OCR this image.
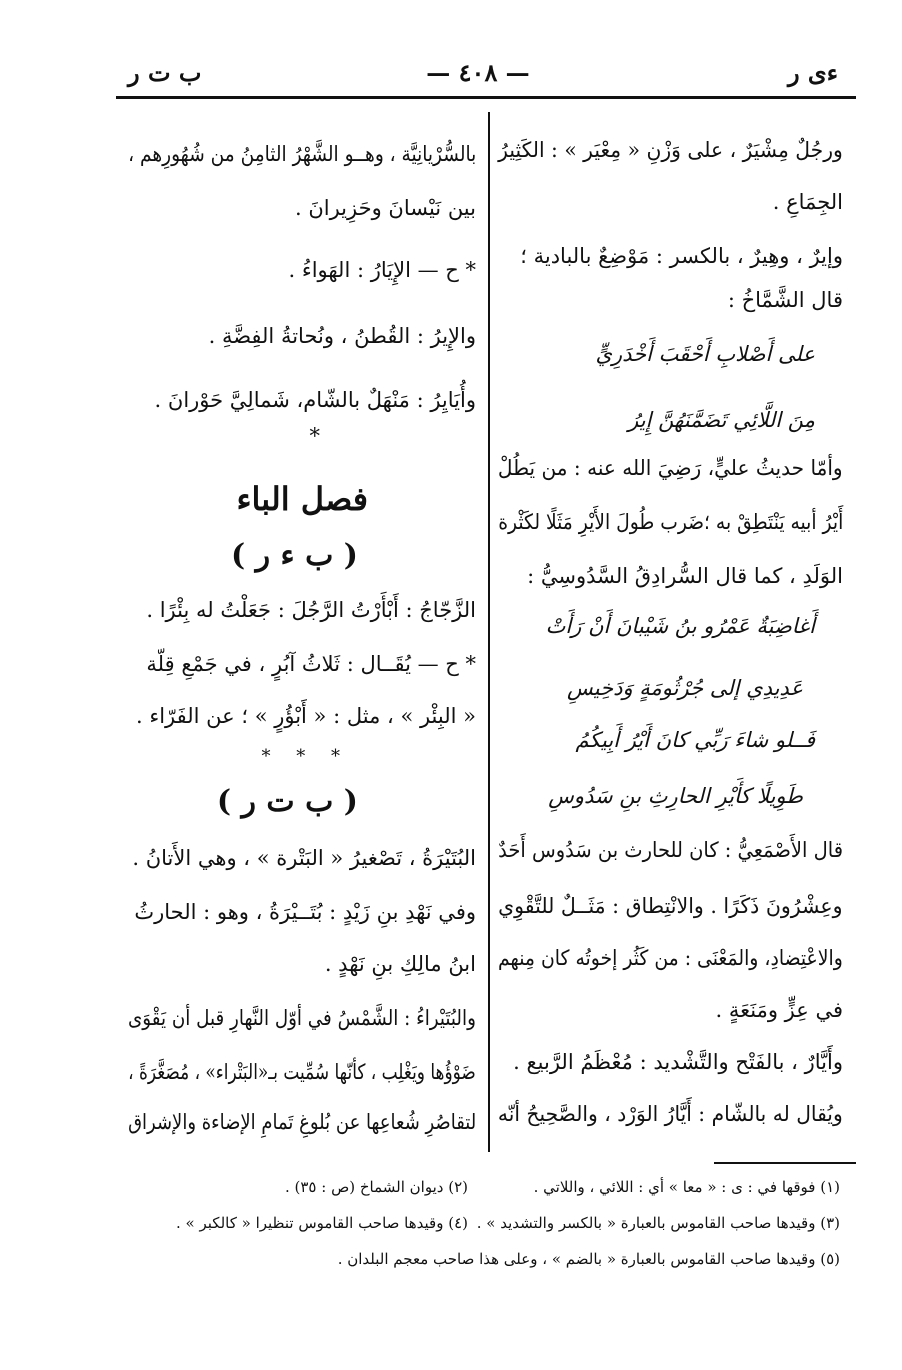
ءى ر
— ٤٠٨ —
ب ت ر
ورجُلٌ مِشْيَرٌ ، على وَزْنِ « مِعْيَر » : الكَثِيرُ
الجِمَاعِ .
وإيرٌ ، وهِيرٌ ، بالكسر : مَوْضِعٌ بالبادية ؛
قال الشَّمَّاخُ :
على أَصْلابِ أَحْقَبَ أَخْدَرِيٍّ
مِنَ اللَّائِي تَضَمَّنَهُنَّ إِيرُ
وأمّا حديثُ عليٍّ، رَضِيَ الله عنه : من يَطُلْ
أَيْرُ أبيه يَنْتَطِقْ به ؛ضَرب طُولَ الأَيْرِ مَثَلًا لكَثْرة
الوَلَدِ ، كما قال السُّرادِقُ السَّدُوسِيُّ :
أَغاضِبَةٌ عَمْرُو بنُ شَيْبانَ أَنْ رَأَتْ
عَدِيدِي إلى جُرْثُومَةٍ وَدَخِيسِ
فَــلو شاءَ رَبِّي كانَ أَيْرُ أَبِيكُمُ
طَوِيلًا كأَيْرِ الحارِثِ بنِ سَدُوسِ
قال الأَصْمَعِيُّ : كان للحارث بن سَدُوس أَحَدٌ
وعِشْرُونَ ذَكَرًا . والانْتِطاق : مَثَــلٌ للتَّقْوِي
والاعْتِضادِ، والمَعْنَى : من كَثُر إخوتُه كان مِنهم
في عِزٍّ ومَنَعَةٍ .
وأَيَّارٌ ، بالفَتْح والتَّشْديد : مُعْظَمُ الرَّبيع .
ويُقال له بالشّام : أَيَّارُ الوَرْد ، والصَّحِيحُ أنّه
بالسُّرْيانِيَّة ، وهــو الشَّهْرُ الثامِنُ من شُهُورِهم ،
بين نَيْسانَ وحَزِيرانَ .
* ح — الإِيَارُ : الهَواءُ .
والإِيرُ : القُطنُ ، ونُحاتةُ الفِضَّةِ .
وأُيَايِرُ : مَنْهَلٌ بالشّام، شَمالِيَّ حَوْرانَ .
*
فصل الباء
( ب ء ر )
الزَّجّاجُ : أَبْأَرْتُ الرَّجُلَ : جَعَلْتُ له بِئْرًا .
* ح — يُقَــال : ثَلاثُ آبُرٍ ، في جَمْعِ قِلّة
« البِئْر » ، مثل : « أَبْؤُرٍ » ؛ عن الفَرّاء .
* * *
( ب ت ر )
البُتَيْرَةُ ، تَصْغيرُ « البَتْرة » ، وهي الأَتانُ .
وفي نَهْدِ بنِ زَيْدٍ : بُتَــيْرَةُ ، وهو : الحارثُ
ابنُ مالِكِ بنِ نَهْدٍ .
والبُتَيْراءُ : الشَّمْسُ في أوّل النَّهارِ قبل أن يَقْوَى
ضَوْؤُها ويَغْلِب ، كأنّها سُمِّيت بـ«البَتْراء» ، مُصَغَّرَةً ،
لتقاصُرِ شُعاعِها عن بُلوغِ تَمامِ الإضاءة والإشراق
(١) فوقها في : ى : « معا » أي : اللائي ، واللاتي .
(٢) ديوان الشماخ (ص : ٣٥) .
(٣) وقيدها صاحب القاموس بالعبارة « بالكسر والتشديد » .
(٤) وقيدها صاحب القاموس تنظيرا « كالكبر » .
(٥) وقيدها صاحب القاموس بالعبارة « بالضم » ، وعلى هذا صاحب معجم البلدان .
